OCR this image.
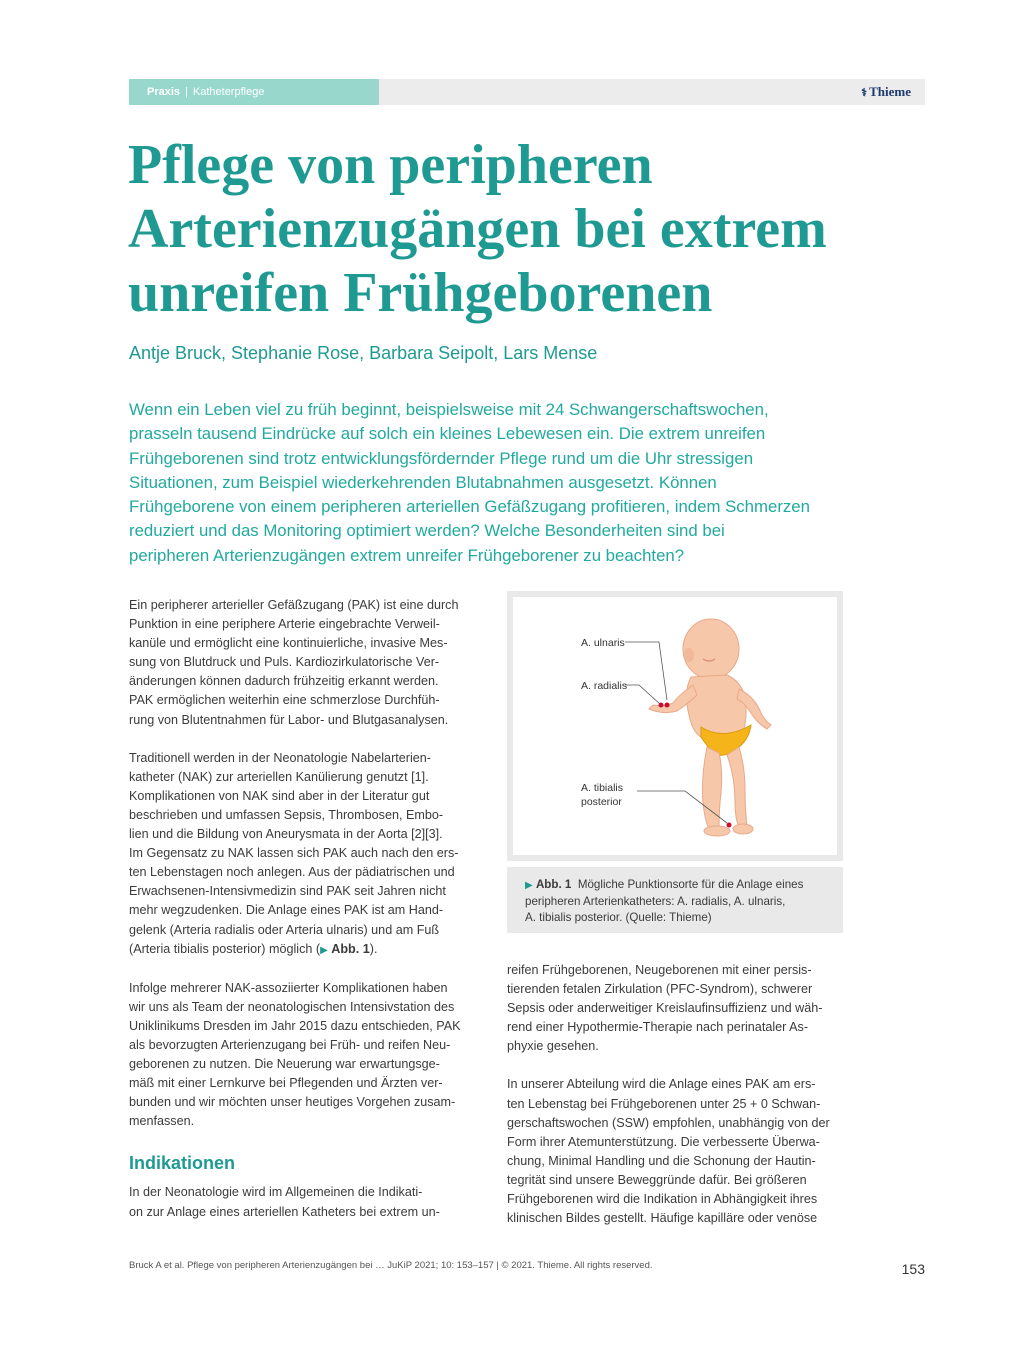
Praxis | Katheterpflege	⚕ Thieme
Pflege von peripheren
Arterienzugängen bei extrem
unreifen Frühgeborenen
Antje Bruck, Stephanie Rose, Barbara Seipolt, Lars Mense
Wenn ein Leben viel zu früh beginnt, beispielsweise mit 24 Schwangerschaftswochen,
prasseln tausend Eindrücke auf solch ein kleines Lebewesen ein. Die extrem unreifen
Frühgeborenen sind trotz entwicklungsfördernder Pflege rund um die Uhr stressigen
Situationen, zum Beispiel wiederkehrenden Blutabnahmen ausgesetzt. Können
Frühgeborene von einem peripheren arteriellen Gefäßzugang profitieren, indem Schmerzen
reduziert und das Monitoring optimiert werden? Welche Besonderheiten sind bei
peripheren Arterienzugängen extrem unreifer Frühgeborener zu beachten?

Ein peripherer arterieller Gefäßzugang (PAK) ist eine durch
Punktion in eine periphere Arterie eingebrachte Verweil-
kanüle und ermöglicht eine kontinuierliche, invasive Mes-
sung von Blutdruck und Puls. Kardiozirkulatorische Ver-
änderungen können dadurch frühzeitig erkannt werden.
PAK ermöglichen weiterhin eine schmerzlose Durchfüh-
rung von Blutentnahmen für Labor- und Blutgasanalysen.

Traditionell werden in der Neonatologie Nabelarterien-
katheter (NAK) zur arteriellen Kanülierung genutzt [1].
Komplikationen von NAK sind aber in der Literatur gut
beschrieben und umfassen Sepsis, Thrombosen, Embo-
lien und die Bildung von Aneurysmata in der Aorta [2][3].
Im Gegensatz zu NAK lassen sich PAK auch nach den ers-
ten Lebenstagen noch anlegen. Aus der pädiatrischen und
Erwachsenen-Intensivmedizin sind PAK seit Jahren nicht
mehr wegzudenken. Die Anlage eines PAK ist am Hand-
gelenk (Arteria radialis oder Arteria ulnaris) und am Fuß
(Arteria tibialis posterior) möglich (▶ Abb. 1).

Infolge mehrerer NAK-assoziierter Komplikationen haben
wir uns als Team der neonatologischen Intensivstation des
Uniklinikums Dresden im Jahr 2015 dazu entschieden, PAK
als bevorzugten Arterienzugang bei Früh- und reifen Neu-
geborenen zu nutzen. Die Neuerung war erwartungsge-
mäß mit einer Lernkurve bei Pflegenden und Ärzten ver-
bunden und wir möchten unser heutiges Vorgehen zusam-
menfassen.

Indikationen

In der Neonatologie wird im Allgemeinen die Indikati-
on zur Anlage eines arteriellen Katheters bei extrem un-

A. ulnaris
A. radialis
A. tibialis
posterior
▶ Abb. 1 Mögliche Punktionsorte für die Anlage eines
peripheren Arterienkatheters: A. radialis, A. ulnaris,
A. tibialis posterior. (Quelle: Thieme)

reifen Frühgeborenen, Neugeborenen mit einer persis-
tierenden fetalen Zirkulation (PFC-Syndrom), schwerer
Sepsis oder anderweitiger Kreislaufinsuffizienz und wäh-
rend einer Hypothermie-Therapie nach perinataler As-
phyxie gesehen.

In unserer Abteilung wird die Anlage eines PAK am ers-
ten Lebenstag bei Frühgeborenen unter 25 + 0 Schwan-
gerschaftswochen (SSW) empfohlen, unabhängig von der
Form ihrer Atemunterstützung. Die verbesserte Überwa-
chung, Minimal Handling und die Schonung der Hautin-
tegrität sind unsere Beweggründe dafür. Bei größeren
Frühgeborenen wird die Indikation in Abhängigkeit ihres
klinischen Bildes gestellt. Häufige kapilläre oder venöse

Bruck A et al. Pflege von peripheren Arterienzugängen bei … JuKiP 2021; 10: 153–157 | © 2021. Thieme. All rights reserved.	153
